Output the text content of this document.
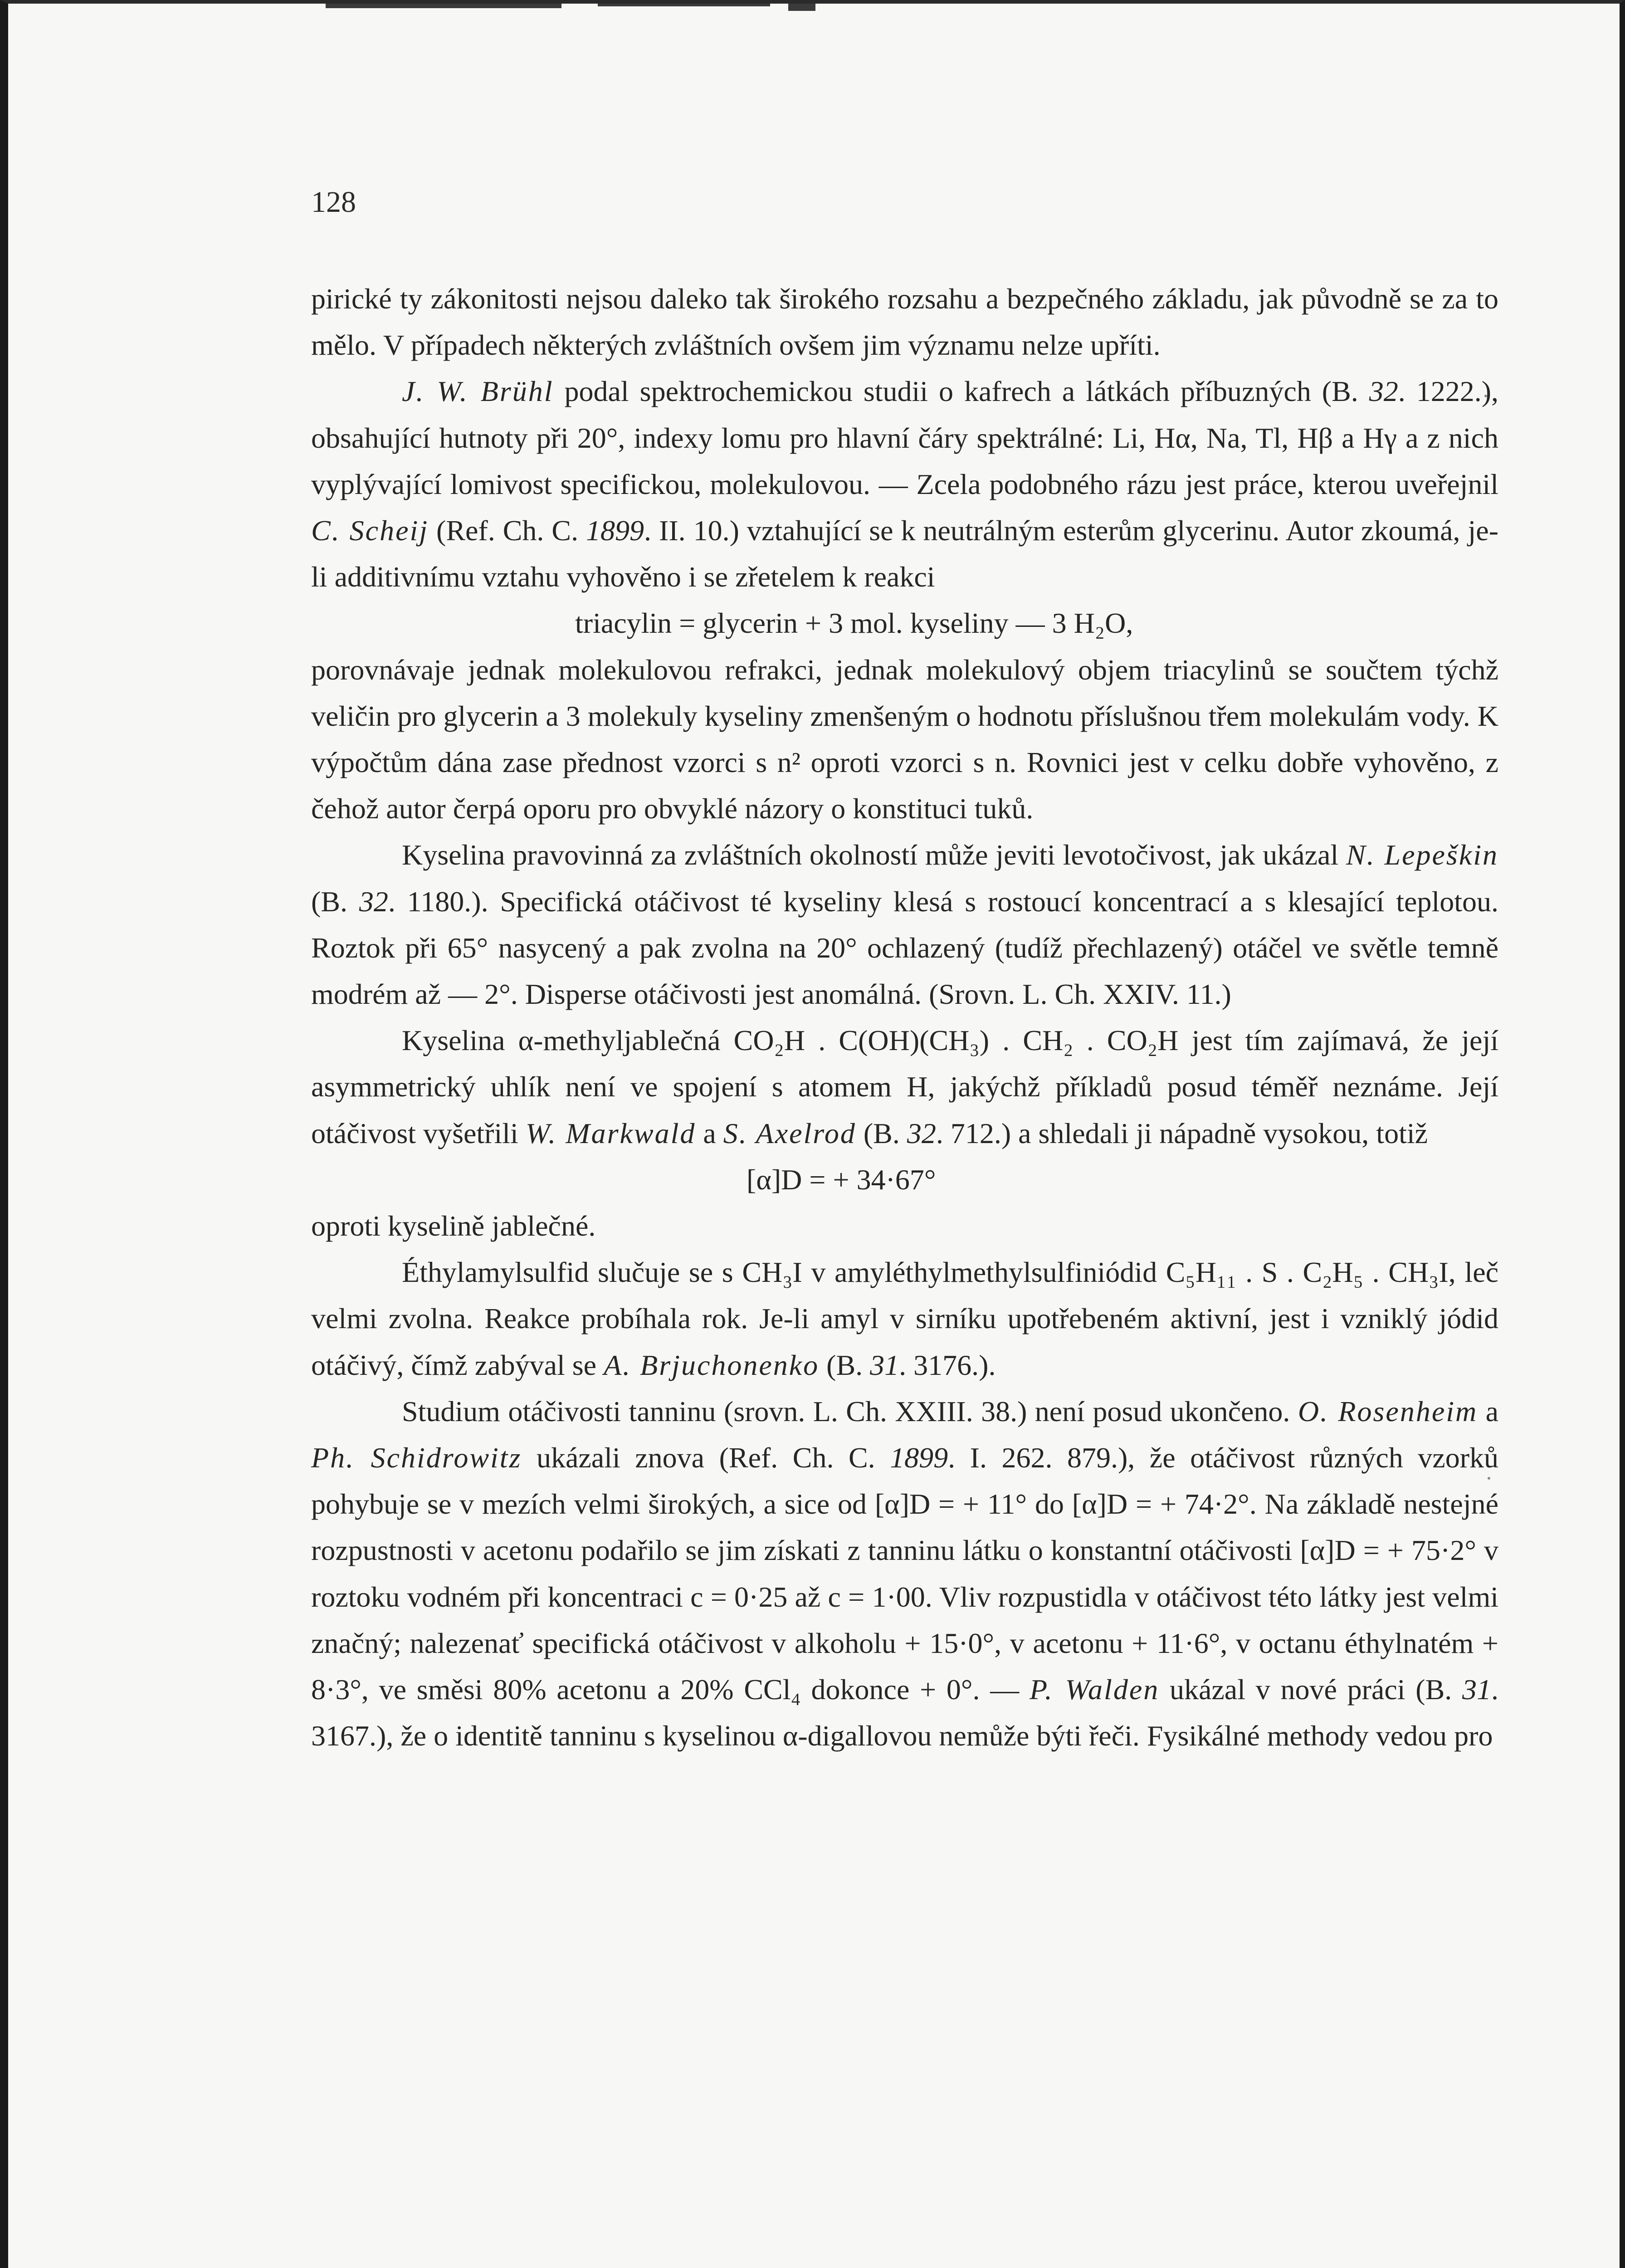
128

pirické ty zákonitosti nejsou daleko tak širokého rozsahu a bezpečného základu, jak původně se za to mělo. V případech některých zvláštních ovšem jim významu nelze upříti.

J. W. Brühl podal spektrochemickou studii o kafrech a látkách příbuzných (B. 32. 1222.), obsahující hutnoty při 20°, indexy lomu pro hlavní čáry spektrálné: Li, Hα, Na, Tl, Hβ a Hγ a z nich vyplývající lomivost specifickou, molekulovou. — Zcela podobného rázu jest práce, kterou uveřejnil C. Scheij (Ref. Ch. C. 1899. II. 10.) vztahující se k neutrálným esterům glycerinu. Autor zkoumá, je-li additivnímu vztahu vyhověno i se zřetelem k reakci

triacylin = glycerin + 3 mol. kyseliny — 3 H₂O,

porovnávaje jednak molekulovou refrakci, jednak molekulový objem triacylinů se součtem týchž veličin pro glycerin a 3 molekuly kyseliny zmenšeným o hodnotu příslušnou třem molekulám vody. K výpočtům dána zase přednost vzorci s n² oproti vzorci s n. Rovnici jest v celku dobře vyhověno, z čehož autor čerpá oporu pro obvyklé názory o konstituci tuků.

Kyselina pravovinná za zvláštních okolností může jeviti levotočivost, jak ukázal N. Lepeškin (B. 32. 1180.). Specifická otáčivost té kyseliny klesá s rostoucí koncentrací a s klesající teplotou. Roztok při 65° nasycený a pak zvolna na 20° ochlazený (tudíž přechlazený) otáčel ve světle temně modrém až — 2°. Disperse otáčivosti jest anomálná. (Srovn. L. Ch. XXIV. 11.)

Kyselina α-methyljablečná CO₂H . C(OH)(CH₃) . CH₂ . CO₂H jest tím zajímavá, že její asymmetrický uhlík není ve spojení s atomem H, jakýchž příkladů posud téměř neznáme. Její otáčivost vyšetřili W. Markwald a S. Axelrod (B. 32. 712.) a shledali ji nápadně vysokou, totiž

[α]D = + 34·67°

oproti kyselině jablečné.

Éthylamylsulfid slučuje se s CH₃I v amyléthylmethylsulfiniódid C₅H₁₁ . S . C₂H₅ . CH₃I, leč velmi zvolna. Reakce probíhala rok. Je-li amyl v sirníku upotřebeném aktivní, jest i vzniklý jódid otáčivý, čímž zabýval se A. Brjuchonenko (B. 31. 3176.).

Studium otáčivosti tanninu (srovn. L. Ch. XXIII. 38.) není posud ukončeno. O. Rosenheim a Ph. Schidrowitz ukázali znova (Ref. Ch. C. 1899. I. 262. 879.), že otáčivost různých vzorků pohybuje se v mezích velmi širokých, a sice od [α]D = + 11° do [α]D = + 74·2°. Na základě nestejné rozpustnosti v acetonu podařilo se jim získati z tanninu látku o konstantní otáčivosti [α]D = + 75·2° v roztoku vodném při koncentraci c = 0·25 až c = 1·00. Vliv rozpustidla v otáčivost této látky jest velmi značný; nalezenať specifická otáčivost v alkoholu + 15·0°, v acetonu + 11·6°, v octanu éthylnatém + 8·3°, ve směsi 80% acetonu a 20% CCl₄ dokonce + 0°. — P. Walden ukázal v nové práci (B. 31. 3167.), že o identitě tanninu s kyselinou α-digallovou nemůže býti řeči. Fysikálné methody vedou pro
